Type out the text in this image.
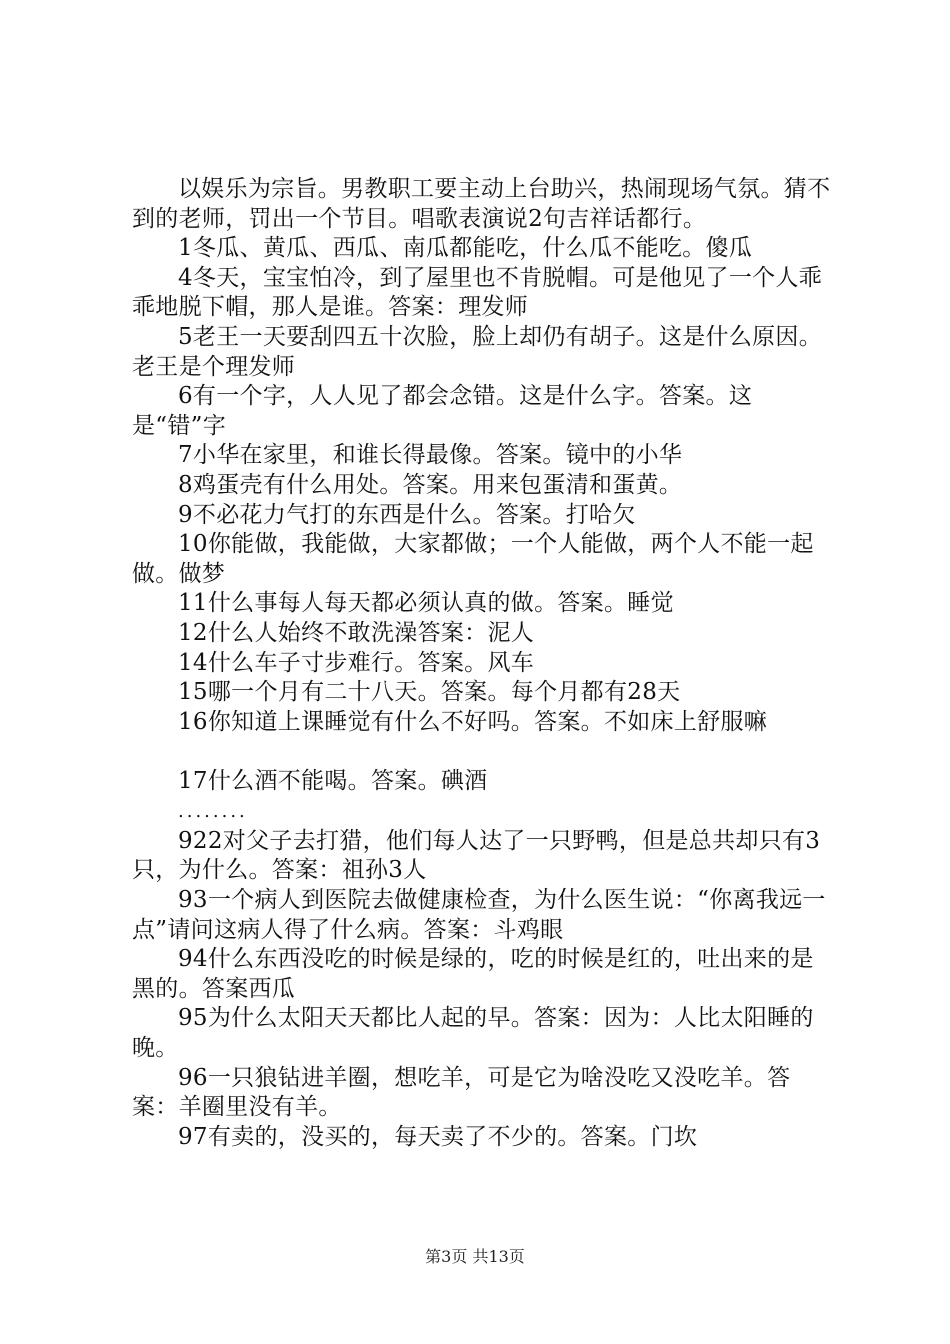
以娱乐为宗旨。男教职工要主动上台助兴，热闹现场气氛。猜不到的老师，罚出一个节目。唱歌表演说2句吉祥话都行。

1冬瓜、黄瓜、西瓜、南瓜都能吃，什么瓜不能吃。傻瓜

4冬天，宝宝怕冷，到了屋里也不肯脱帽。可是他见了一个人乖乖地脱下帽，那人是谁。答案：理发师

5老王一天要刮四五十次脸，脸上却仍有胡子。这是什么原因。老王是个理发师

6有一个字，人人见了都会念错。这是什么字。答案。这是“错”字

7小华在家里，和谁长得最像。答案。镜中的小华

8鸡蛋壳有什么用处。答案。用来包蛋清和蛋黄。

9不必花力气打的东西是什么。答案。打哈欠

10你能做，我能做，大家都做；一个人能做，两个人不能一起做。做梦

11什么事每人每天都必须认真的做。答案。睡觉

12什么人始终不敢洗澡答案：泥人

14什么车子寸步难行。答案。风车

15哪一个月有二十八天。答案。每个月都有28天

16你知道上课睡觉有什么不好吗。答案。不如床上舒服嘛

17什么酒不能喝。答案。碘酒

........

922对父子去打猎，他们每人达了一只野鸭，但是总共却只有3只，为什么。答案：祖孙3人

93一个病人到医院去做健康检查，为什么医生说：“你离我远一点”请问这病人得了什么病。答案：斗鸡眼

94什么东西没吃的时候是绿的，吃的时候是红的，吐出来的是黑的。答案西瓜

95为什么太阳天天都比人起的早。答案：因为：人比太阳睡的晚。

96一只狼钻进羊圈，想吃羊，可是它为啥没吃又没吃羊。答案：羊圈里没有羊。

97有卖的，没买的，每天卖了不少的。答案。门坎

第3页 共13页
